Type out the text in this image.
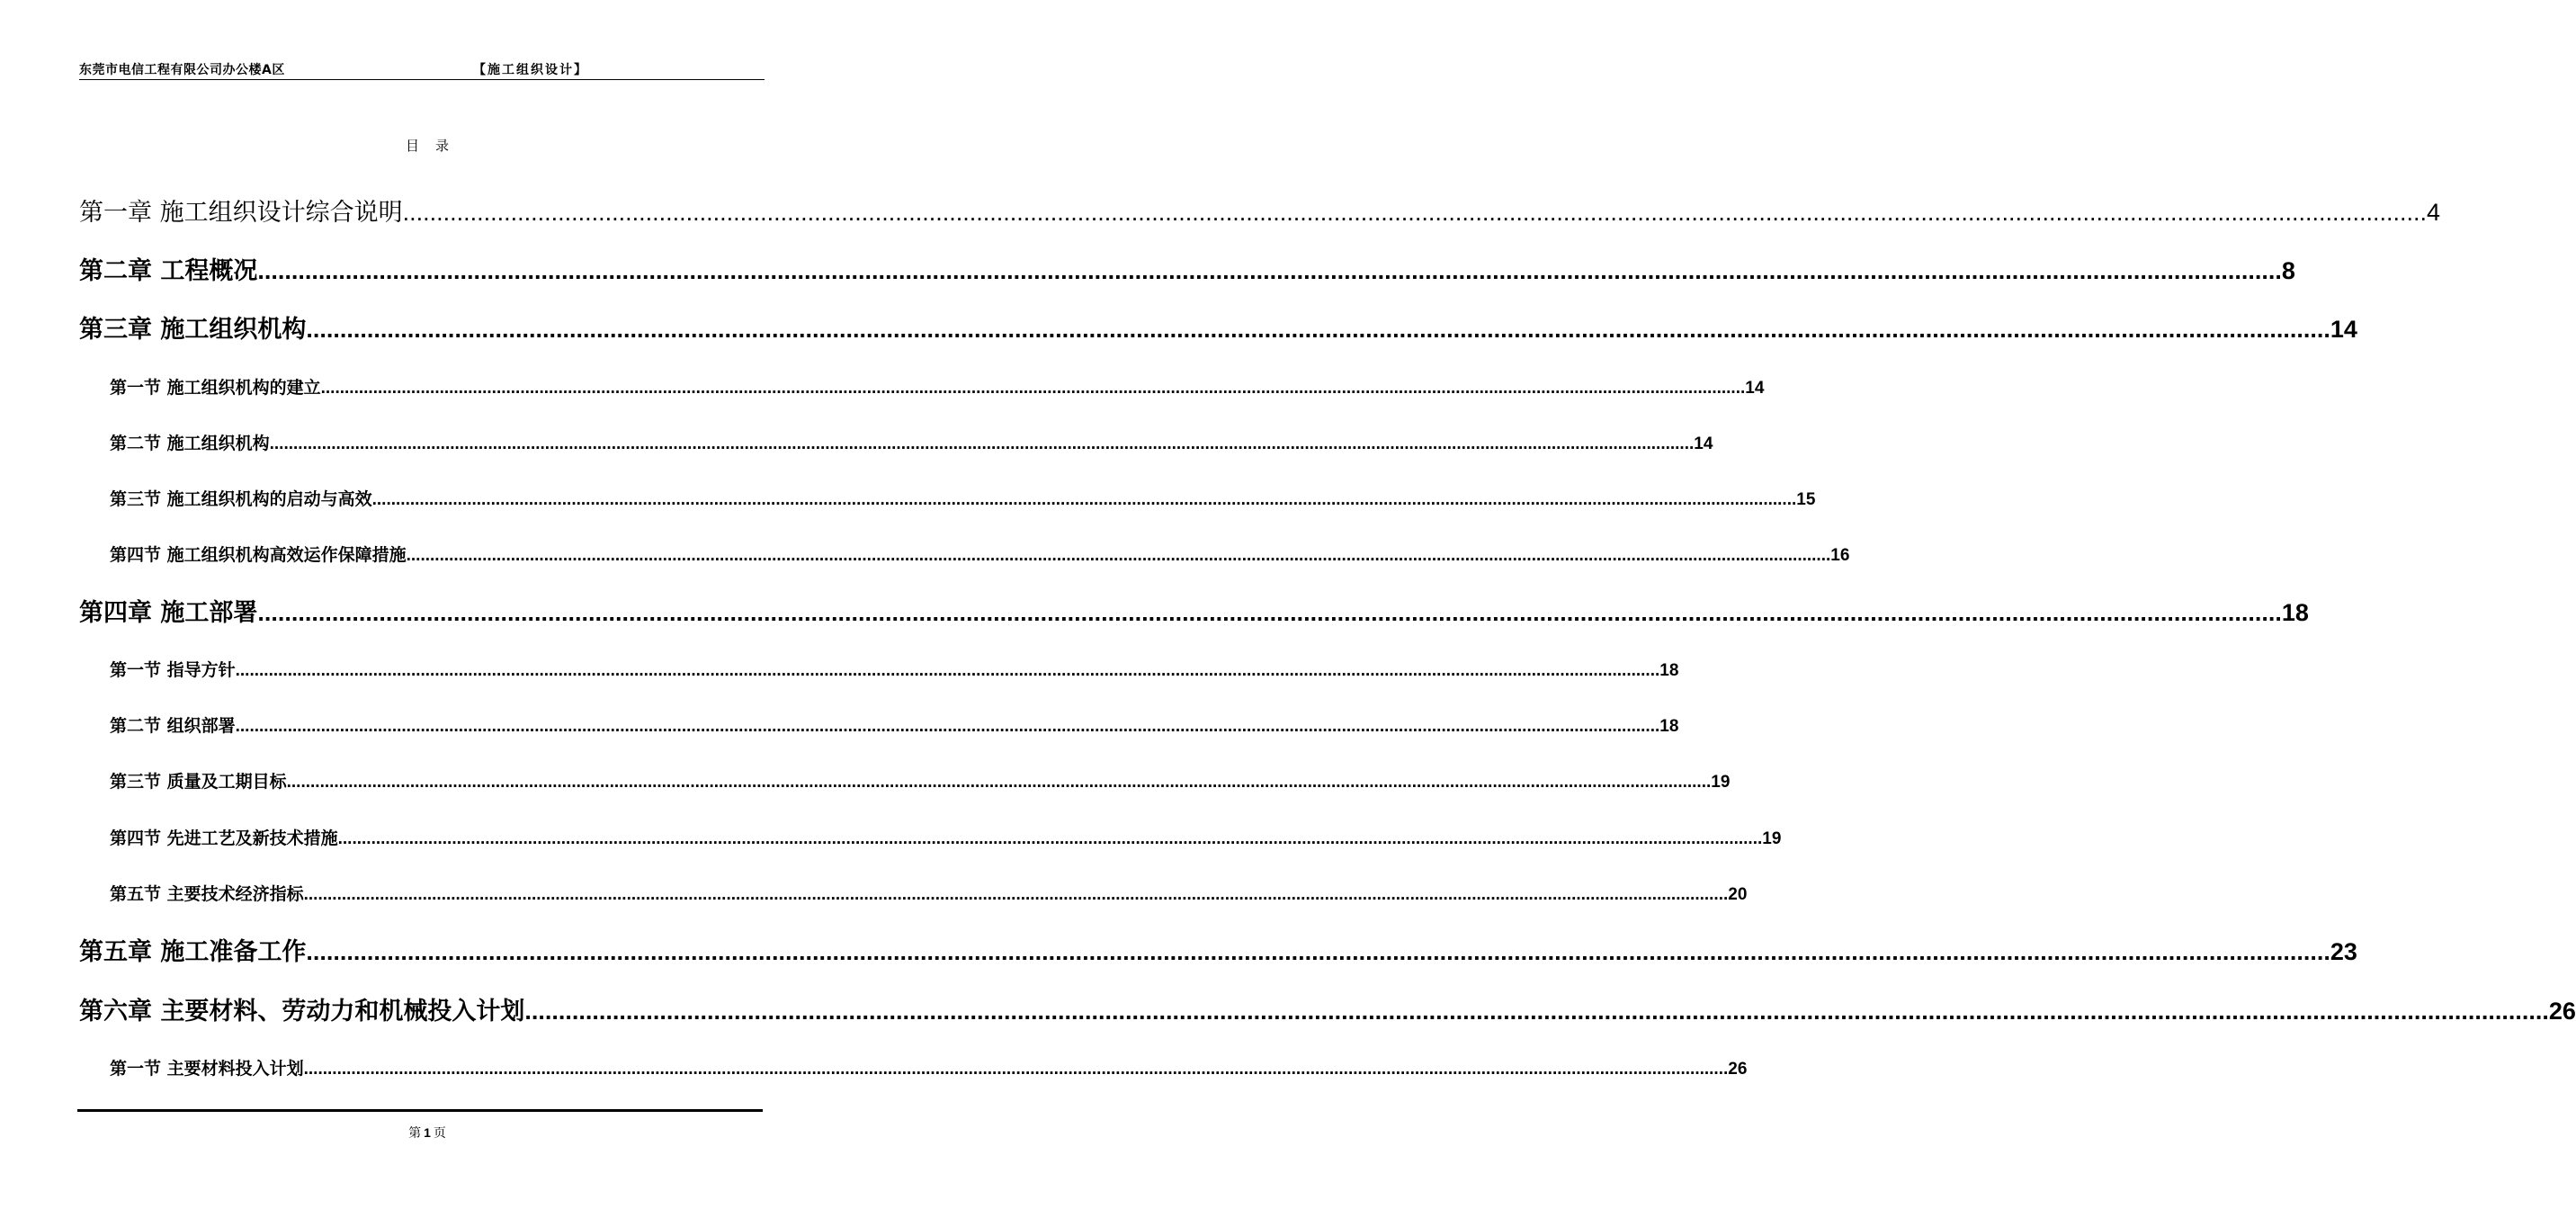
东莞市电信工程有限公司办公楼A区	【施工组织设计】
目录
第一章 施工组织设计综合说明 ............................................................................................................................................................................................................................................................................................................ 4
第二章 工程概况 ............................................................................................................................................................................................................................................................................................................ 8
第三章 施工组织机构 ............................................................................................................................................................................................................................................................................................................ 14
第一节 施工组织机构的建立 ............................................................................................................................................................................................................................................................................................................ 14
第二节 施工组织机构 ............................................................................................................................................................................................................................................................................................................ 14
第三节 施工组织机构的启动与高效 ............................................................................................................................................................................................................................................................................................................ 15
第四节 施工组织机构高效运作保障措施 ............................................................................................................................................................................................................................................................................................................ 16
第四章 施工部署 ............................................................................................................................................................................................................................................................................................................ 18
第一节 指导方针 ............................................................................................................................................................................................................................................................................................................ 18
第二节 组织部署 ............................................................................................................................................................................................................................................................................................................ 18
第三节 质量及工期目标 ............................................................................................................................................................................................................................................................................................................ 19
第四节 先进工艺及新技术措施 ............................................................................................................................................................................................................................................................................................................ 19
第五节 主要技术经济指标 ............................................................................................................................................................................................................................................................................................................ 20
第五章 施工准备工作 ............................................................................................................................................................................................................................................................................................................ 23
第六章 主要材料、劳动力和机械投入计划 ............................................................................................................................................................................................................................................................................................................ 26
第一节 主要材料投入计划 ............................................................................................................................................................................................................................................................................................................ 26
第 1 页
